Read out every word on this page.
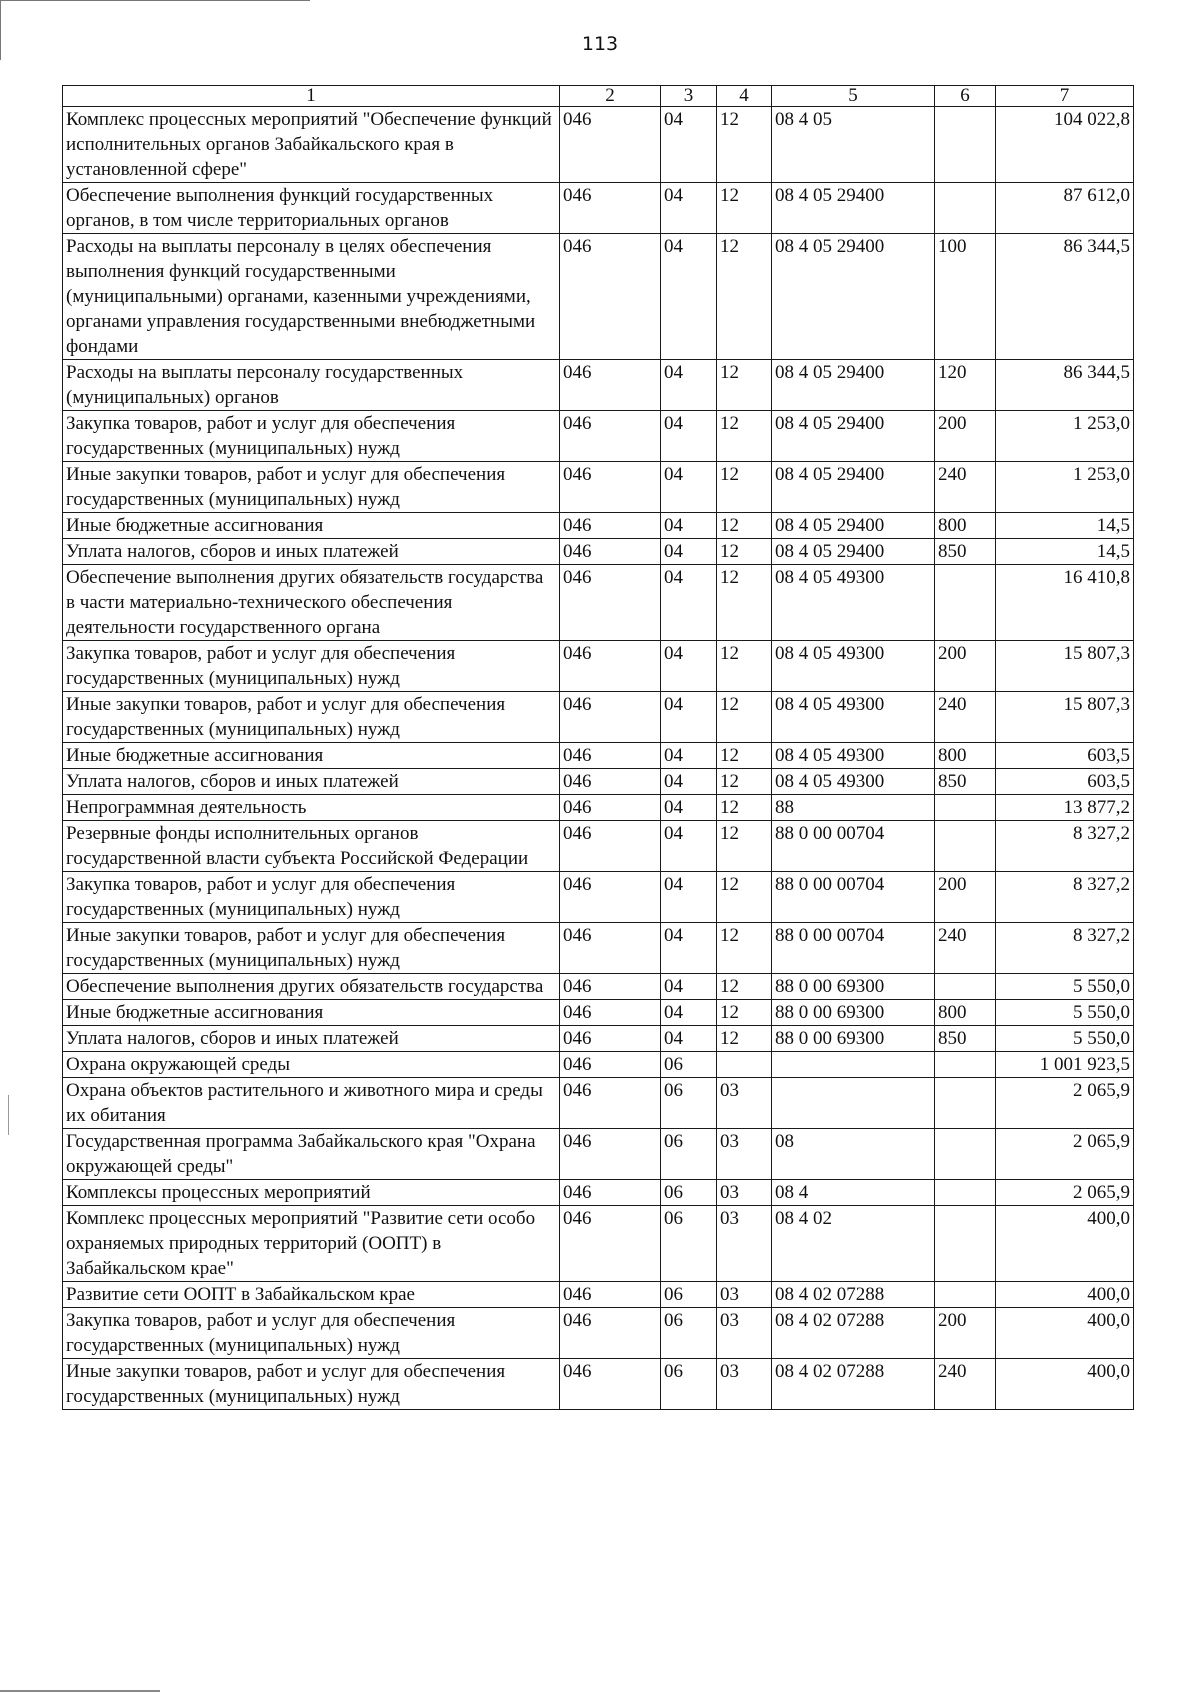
113
1	2	3	4	5	6	7
Комплекс процессных мероприятий "Обеспечение функций исполнительных органов Забайкальского края в установленной сфере"	046	04	12	08 4 05		104 022,8
Обеспечение выполнения функций государственных органов, в том числе территориальных органов	046	04	12	08 4 05 29400		87 612,0
Расходы на выплаты персоналу в целях обеспечения выполнения функций государственными (муниципальными) органами, казенными учреждениями, органами управления государственными внебюджетными фондами	046	04	12	08 4 05 29400	100	86 344,5
Расходы на выплаты персоналу государственных (муниципальных) органов	046	04	12	08 4 05 29400	120	86 344,5
Закупка товаров, работ и услуг для обеспечения государственных (муниципальных) нужд	046	04	12	08 4 05 29400	200	1 253,0
Иные закупки товаров, работ и услуг для обеспечения государственных (муниципальных) нужд	046	04	12	08 4 05 29400	240	1 253,0
Иные бюджетные ассигнования	046	04	12	08 4 05 29400	800	14,5
Уплата налогов, сборов и иных платежей	046	04	12	08 4 05 29400	850	14,5
Обеспечение выполнения других обязательств государства в части материально-технического обеспечения деятельности государственного органа	046	04	12	08 4 05 49300		16 410,8
Закупка товаров, работ и услуг для обеспечения государственных (муниципальных) нужд	046	04	12	08 4 05 49300	200	15 807,3
Иные закупки товаров, работ и услуг для обеспечения государственных (муниципальных) нужд	046	04	12	08 4 05 49300	240	15 807,3
Иные бюджетные ассигнования	046	04	12	08 4 05 49300	800	603,5
Уплата налогов, сборов и иных платежей	046	04	12	08 4 05 49300	850	603,5
Непрограммная деятельность	046	04	12	88		13 877,2
Резервные фонды исполнительных органов государственной власти субъекта Российской Федерации	046	04	12	88 0 00 00704		8 327,2
Закупка товаров, работ и услуг для обеспечения государственных (муниципальных) нужд	046	04	12	88 0 00 00704	200	8 327,2
Иные закупки товаров, работ и услуг для обеспечения государственных (муниципальных) нужд	046	04	12	88 0 00 00704	240	8 327,2
Обеспечение выполнения других обязательств государства	046	04	12	88 0 00 69300		5 550,0
Иные бюджетные ассигнования	046	04	12	88 0 00 69300	800	5 550,0
Уплата налогов, сборов и иных платежей	046	04	12	88 0 00 69300	850	5 550,0
Охрана окружающей среды	046	06				1 001 923,5
Охрана объектов растительного и животного мира и среды их обитания	046	06	03			2 065,9
Государственная программа Забайкальского края "Охрана окружающей среды"	046	06	03	08		2 065,9
Комплексы процессных мероприятий	046	06	03	08 4		2 065,9
Комплекс процессных мероприятий "Развитие сети особо охраняемых природных территорий (ООПТ) в Забайкальском крае"	046	06	03	08 4 02		400,0
Развитие сети ООПТ в Забайкальском крае	046	06	03	08 4 02 07288		400,0
Закупка товаров, работ и услуг для обеспечения государственных (муниципальных) нужд	046	06	03	08 4 02 07288	200	400,0
Иные закупки товаров, работ и услуг для обеспечения государственных (муниципальных) нужд	046	06	03	08 4 02 07288	240	400,0
